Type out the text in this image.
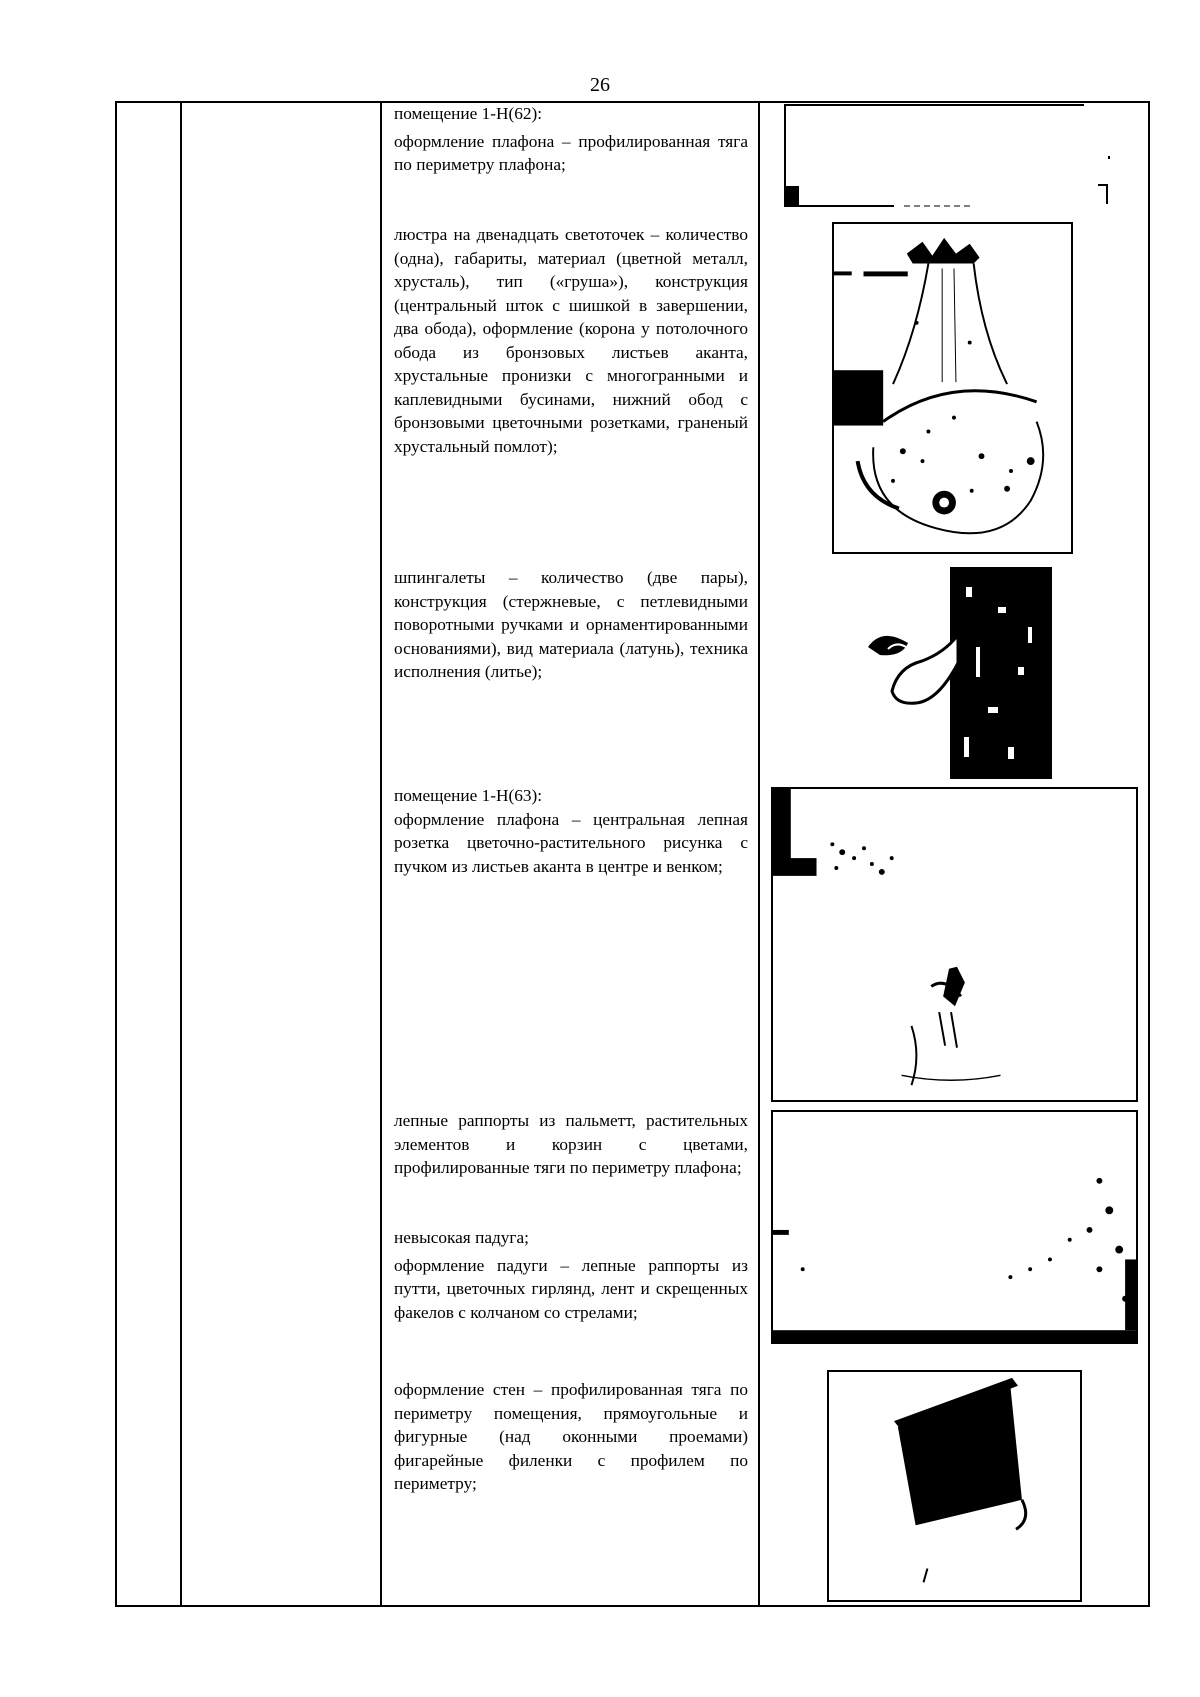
26

помещение 1-Н(62):

оформление плафона – профилированная тяга по периметру плафона;

люстра на двенадцать светоточек – количество (одна), габариты, материал (цветной металл, хрусталь), тип («груша»), конструкция (центральный шток с шишкой в завершении, два обода), оформление (корона у потолочного обода из бронзовых листьев аканта, хрустальные пронизки с многогранными и каплевидными бусинами, нижний обод с бронзовыми цветочными розетками, граненый хрустальный помлот);

шпингалеты – количество (две пары), конструкция (стержневые, с петлевидными поворотными ручками и орнаментированными основаниями), вид материала (латунь), техника исполнения (литье);

помещение 1-Н(63):

оформление плафона – центральная лепная розетка цветочно-растительного рисунка с пучком из листьев аканта в центре и венком;

лепные раппорты из пальметт, растительных элементов и корзин с цветами, профилированные тяги по периметру плафона;

невысокая падуга;

оформление падуги – лепные раппорты из путти, цветочных гирлянд, лент и скрещенных факелов с колчаном со стрелами;

оформление стен – профилированная тяга по периметру помещения, прямоугольные и фигурные (над оконными проемами) фигарейные филенки с профилем по периметру;
